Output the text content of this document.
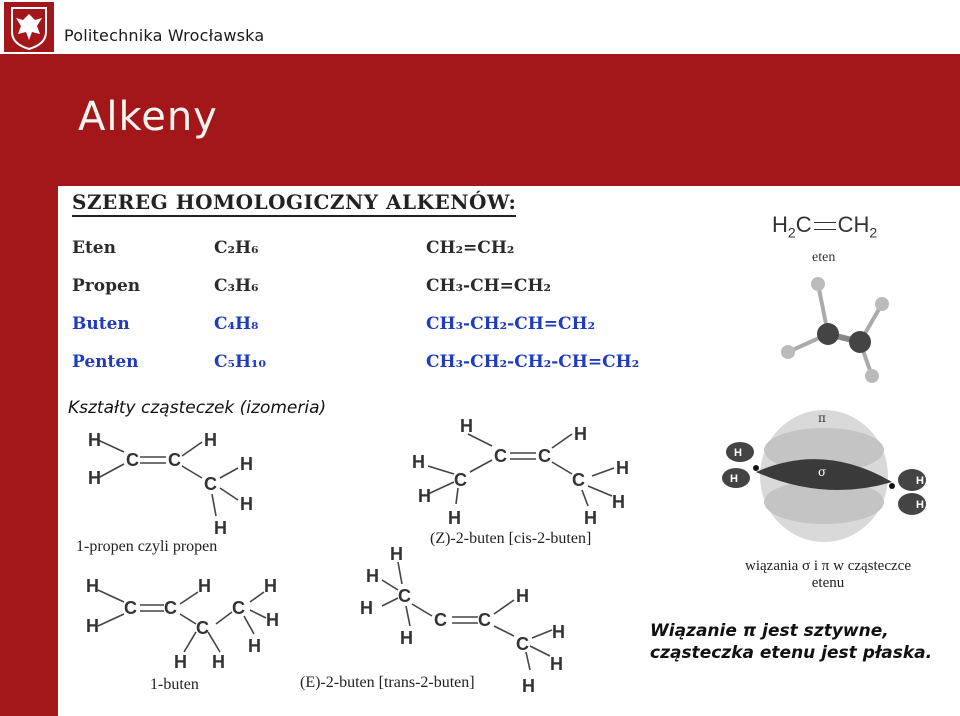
Politechnika Wrocławska
Alkeny
SZEREG HOMOLOGICZNY ALKENÓW:
Eten	C₂H₆	CH₂=CH₂
Propen	C₃H₆	CH₃-CH=CH₂
Buten	C₄H₈	CH₃-CH₂-CH=CH₂
Penten	C₅H₁₀	CH₃-CH₂-CH₂-CH=CH₂
Kształty cząsteczek (izomeria)
H
H
C C
H
C
H
H
H
1-propen czyli propen
H
C C
H
C
H
H
H
C
H
H
H
(Z)-2-buten [cis-2-buten]
H
H
C C
H
C
C
H
H
H
H H
1-buten
H
H
C
H
H
C C
H
C
H
H
H
(E)-2-buten [trans-2-buten]
$H_2C$ $CH_2$
eten
π
σ
H
H	H
H
wiązania σ i π w cząsteczce
etenu
Wiązanie π jest sztywne,
cząsteczka etenu jest płaska.
